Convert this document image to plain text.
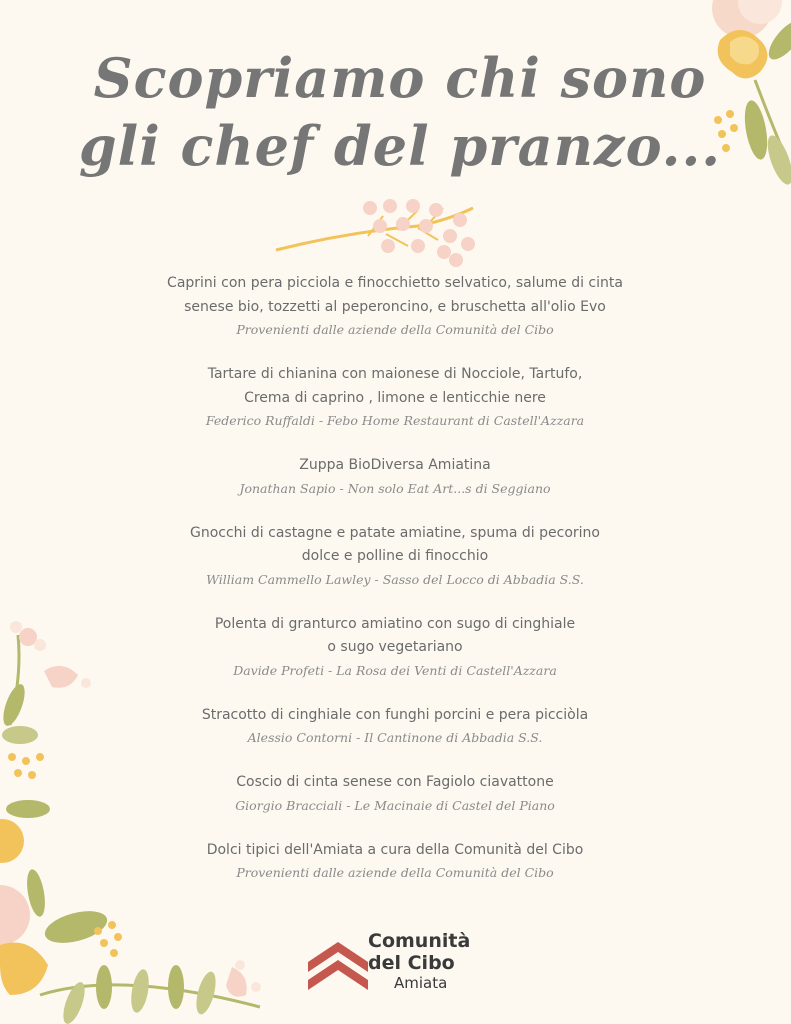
Scopriamo chi sono gli chef del pranzo...
Caprini con pera picciola e finocchietto selvatico, salume di cinta
senese bio, tozzetti al peperoncino, e bruschetta all'olio Evo
Provenienti dalle aziende della Comunità del Cibo
Tartare di chianina con maionese di Nocciole, Tartufo,
Crema di caprino , limone e lenticchie nere
Federico Ruffaldi - Febo Home Restaurant di Castell'Azzara
Zuppa BioDiversa Amiatina
Jonathan Sapio - Non solo Eat Art...s di Seggiano
Gnocchi di castagne e patate amiatine, spuma di pecorino
dolce e polline di finocchio
William Cammello Lawley - Sasso del Locco di Abbadia S.S.
Polenta di granturco amiatino con sugo di cinghiale
o sugo vegetariano
Davide Profeti - La Rosa dei Venti di Castell'Azzara
Stracotto di cinghiale con funghi porcini e pera picciòla
Alessio Contorni - Il Cantinone di Abbadia S.S.
Coscio di cinta senese con Fagiolo ciavattone
Giorgio Bracciali - Le Macinaie di Castel del Piano
Dolci tipici dell'Amiata a cura della Comunità del Cibo
Provenienti dalle aziende della Comunità del Cibo
Comunità
del Cibo
Amiata
